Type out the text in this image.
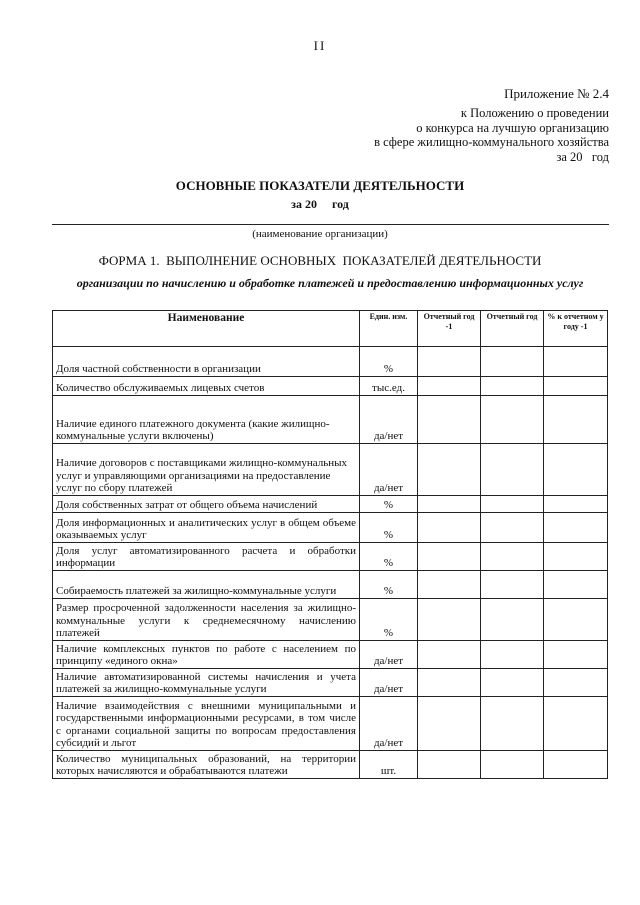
II
Приложение № 2.4
к Положению о проведении
о конкурса на лучшую организацию
в сфере жилищно-коммунального хозяйства
за 20   год
ОСНОВНЫЕ ПОКАЗАТЕЛИ ДЕЯТЕЛЬНОСТИ
за 20     год
(наименование организации)
ФОРМА 1.  ВЫПОЛНЕНИЕ ОСНОВНЫХ  ПОКАЗАТЕЛЕЙ ДЕЯТЕЛЬНОСТИ
организации по начислению и обработке платежей и предоставлению информационных услуг
Наименование	Един. изм.	Отчетный год -1	Отчетный год	% к отчетном у году -1
Доля частной собственности в организации	%			
Количество обслуживаемых лицевых счетов	тыс.ед.			
Наличие единого платежного документа (какие жилищно-коммунальные услуги включены)	да/нет			
Наличие договоров с поставщиками жилищно-коммунальных услуг и управляющими организациями на предоставление услуг по сбору платежей	да/нет			
Доля собственных затрат от общего объема начислений	%			
Доля информационных и аналитических услуг в общем объеме оказываемых услуг	%			
Доля услуг автоматизированного расчета и обработки информации	%			
Собираемость платежей за жилищно-коммунальные услуги	%			
Размер просроченной задолженности населения за жилищно-коммунальные услуги к среднемесячному начислению платежей	%			
Наличие комплексных пунктов по работе с населением по принципу «единого окна»	да/нет			
Наличие автоматизированной системы начисления и учета платежей за жилищно-коммунальные услуги	да/нет			
Наличие взаимодействия с внешними муниципальными и государственными информационными ресурсами, в том числе с органами социальной защиты по вопросам предоставления субсидий и льгот	да/нет			
Количество муниципальных образований, на территории которых начисляются и обрабатываются платежи	шт.			
